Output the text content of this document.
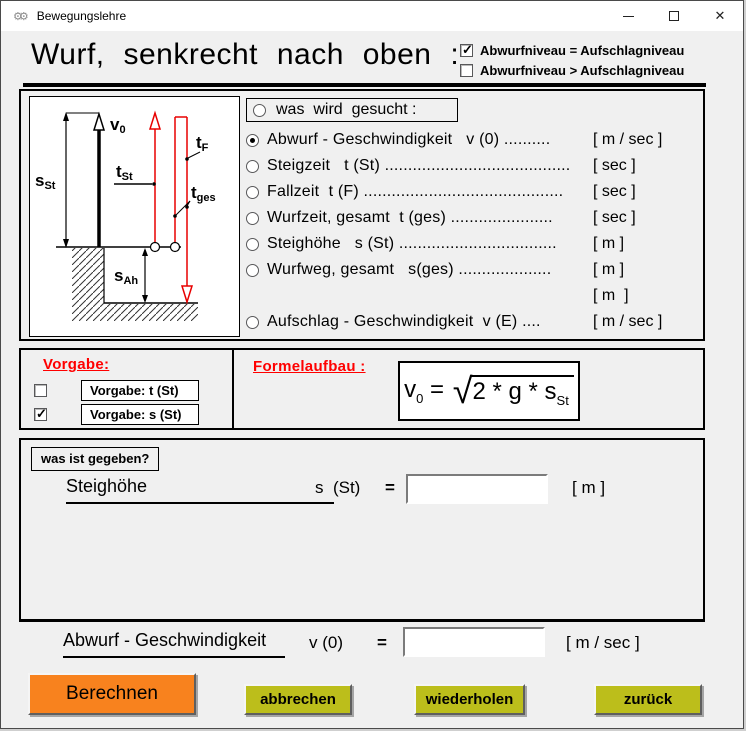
⚙⚙ Bewegungslehre	✕
Wurf, senkrecht nach oben : ✓ Abwurfniveau = Aufschlagniveau
Abwurfniveau > Aufschlagniveau
sSt
v0
tSt
tF
tges
sAh
was  wird  gesucht :
Abwurf - Geschwindigkeit   v (0) ..........	[ m / sec ]
Steigzeit   t (St) ........................................ [ sec ]
Fallzeit  t (F) ........................................... [ sec ]
Wurfzeit, gesamt  t (ges) ......................	[ sec ]
Steighöhe   s (St) .................................. [ m ]
Wurfweg, gesamt   s(ges) ....................	[ m ]
[ m  ]
Aufschlag - Geschwindigkeit  v (E) ....	[ m / sec ]
Vorgabe:
Vorgabe: t (St)
✓
Vorgabe: s (St)
Formelaufbau :
$v_0$ = √ 2 * g * $s_{St}$
was ist gegeben?
Steighöhe	s  (St) =	[ m ]
Abwurf - Geschwindigkeit	v (0) =	[ m / sec ]
Berechnen	abbrechen	wiederholen	zurück
